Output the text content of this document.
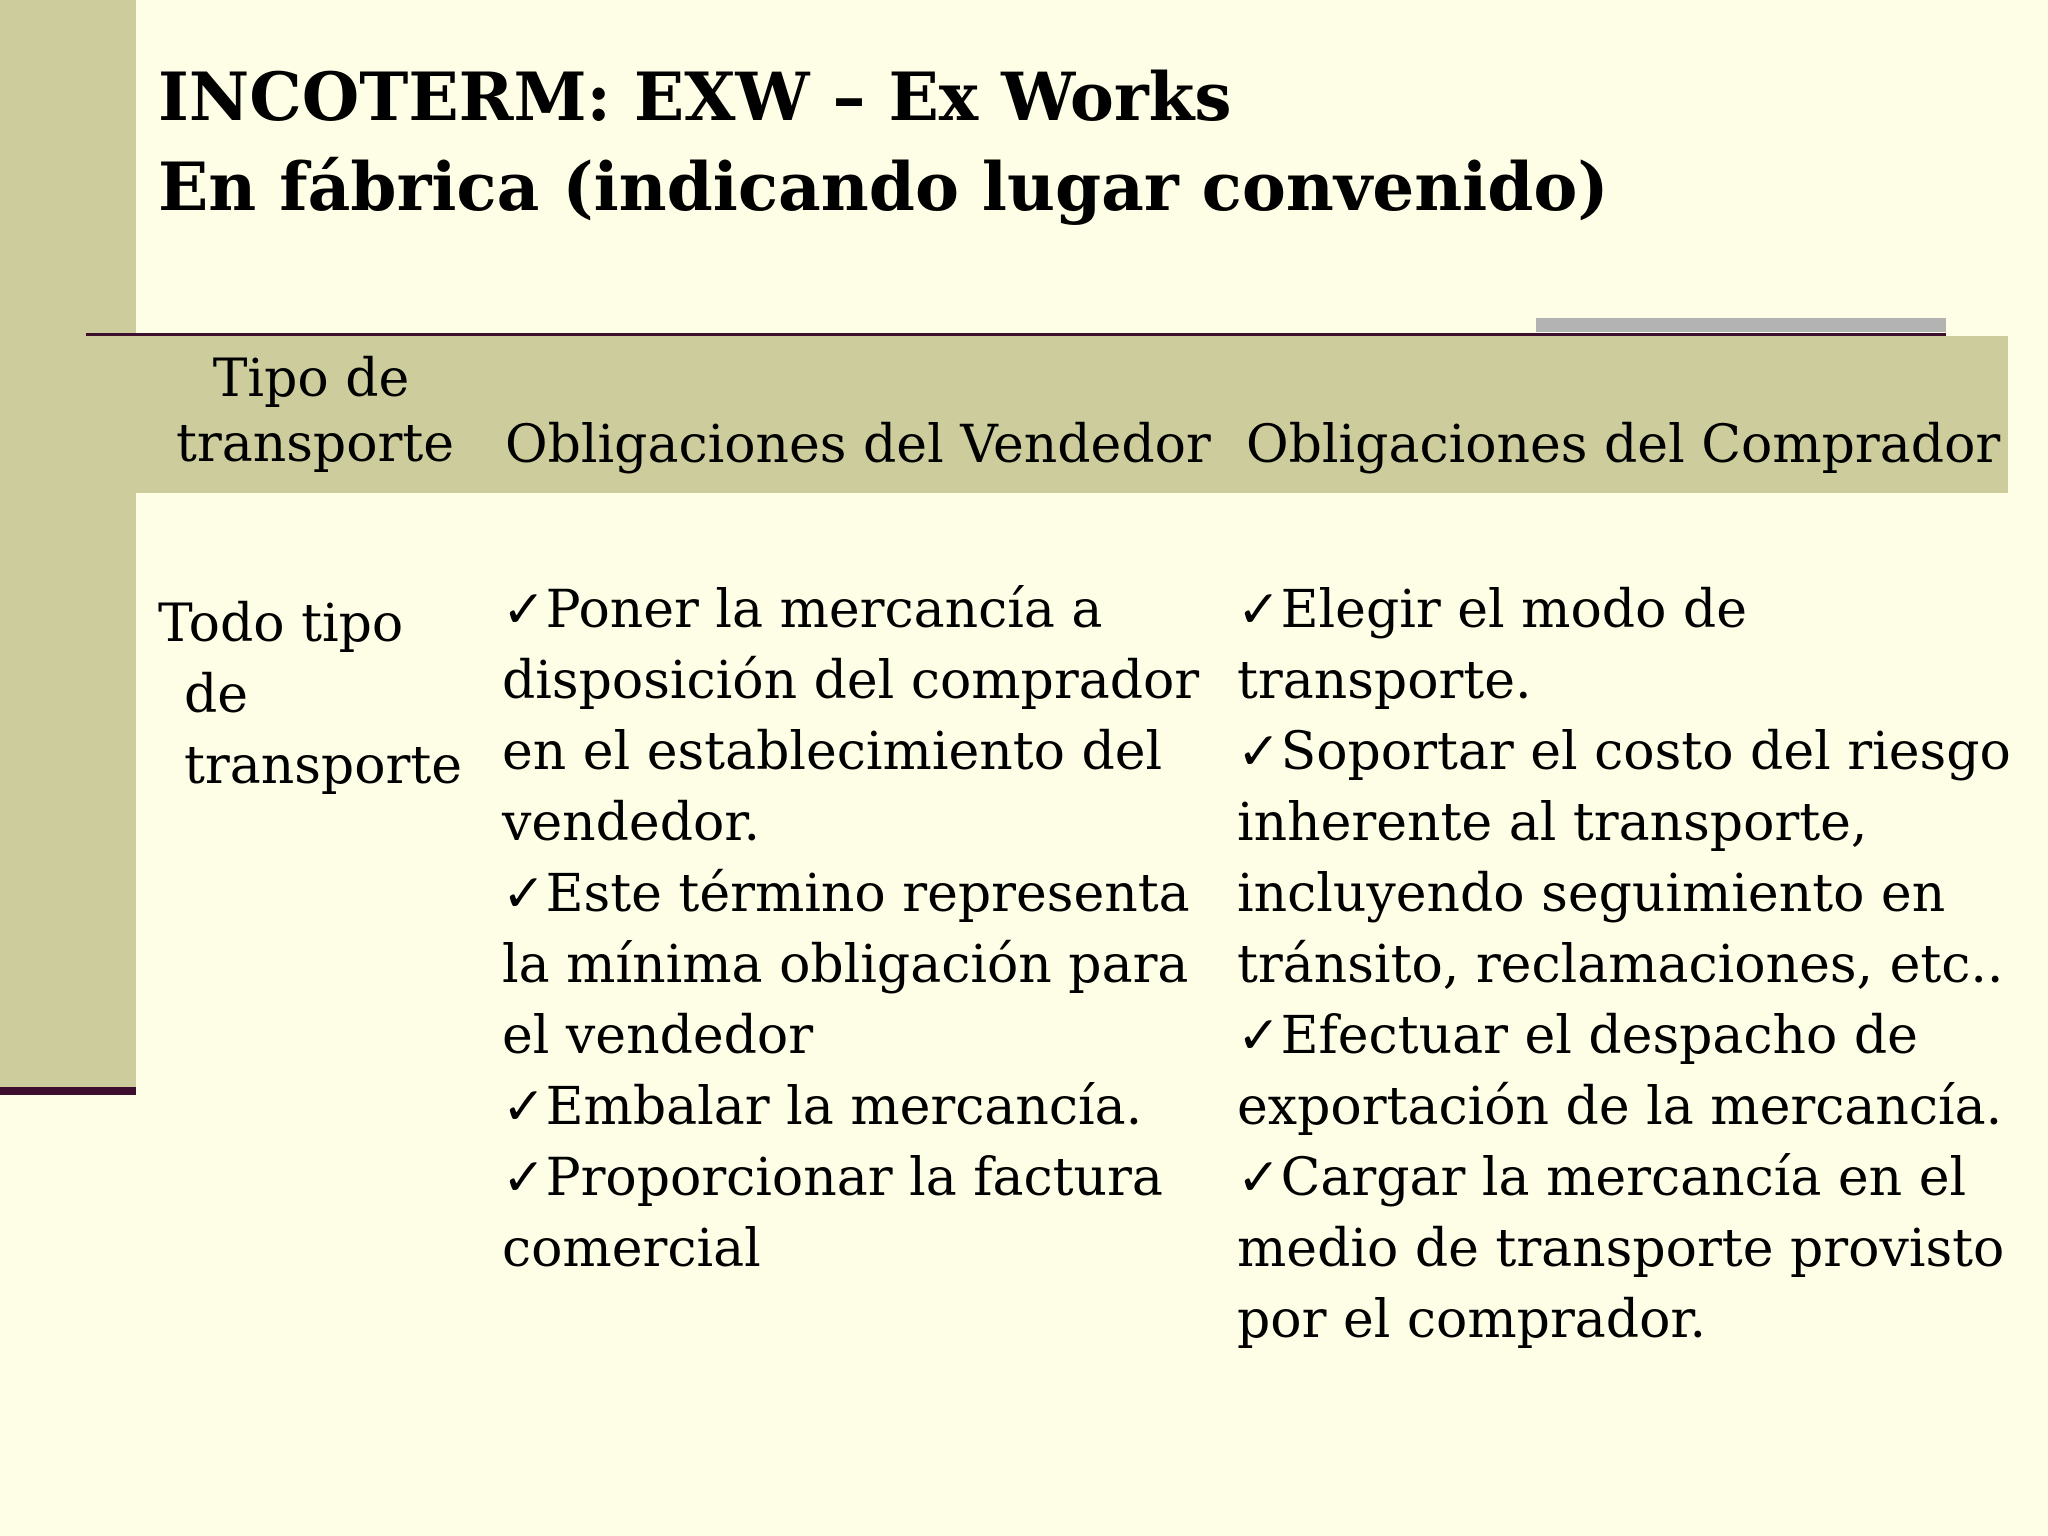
INCOTERM: EXW – Ex Works
En fábrica (indicando lugar convenido)
Tipo de
transporte Obligaciones del Vendedor Obligaciones del Comprador
Todo tipo
de
transporte
✓Poner la mercancía a disposición del comprador en el establecimiento del vendedor.
✓Este término representa la mínima obligación para el vendedor
✓Embalar la mercancía.
✓Proporcionar la factura comercial
✓Elegir el modo de transporte.
✓Soportar el costo del riesgo inherente al transporte, incluyendo seguimiento en tránsito, reclamaciones, etc..
✓Efectuar el despacho de exportación de la mercancía.
✓Cargar la mercancía en el medio de transporte provisto por el comprador.
